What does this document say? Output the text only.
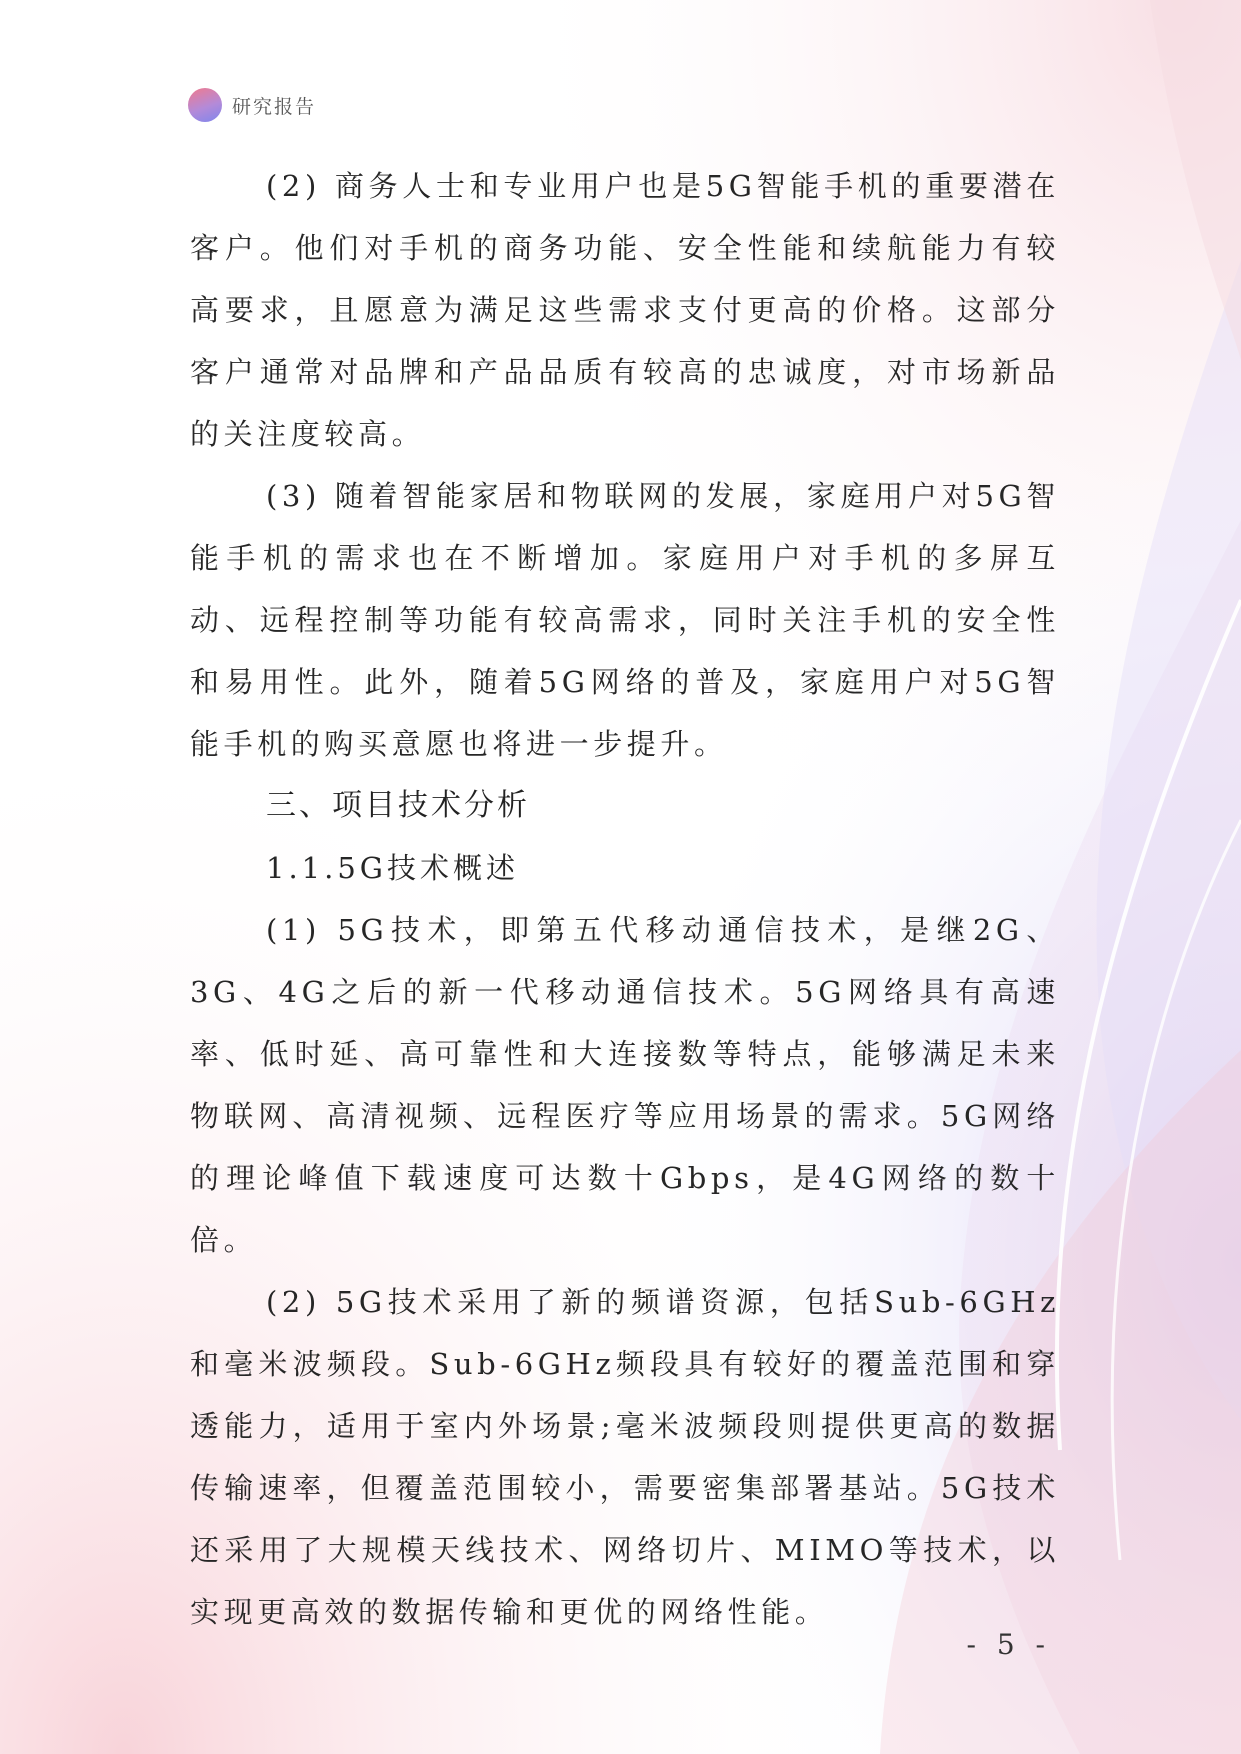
研究报告

(2) 商务人士和专业用户也是5G智能手机的重要潜在客户。他们对手机的商务功能、安全性能和续航能力有较高要求，且愿意为满足这些需求支付更高的价格。这部分客户通常对品牌和产品品质有较高的忠诚度，对市场新品的关注度较高。

(3) 随着智能家居和物联网的发展，家庭用户对5G智能手机的需求也在不断增加。家庭用户对手机的多屏互动、远程控制等功能有较高需求，同时关注手机的安全性和易用性。此外，随着5G网络的普及，家庭用户对5G智能手机的购买意愿也将进一步提升。

三、项目技术分析

1.1.5G技术概述

(1) 5G技术，即第五代移动通信技术，是继2G、3G、4G之后的新一代移动通信技术。5G网络具有高速率、低时延、高可靠性和大连接数等特点，能够满足未来物联网、高清视频、远程医疗等应用场景的需求。5G网络的理论峰值下载速度可达数十Gbps，是4G网络的数十倍。

(2) 5G技术采用了新的频谱资源，包括Sub-6GHz和毫米波频段。Sub-6GHz频段具有较好的覆盖范围和穿透能力，适用于室内外场景;毫米波频段则提供更高的数据传输速率，但覆盖范围较小，需要密集部署基站。5G技术还采用了大规模天线技术、网络切片、MIMO等技术，以实现更高效的数据传输和更优的网络性能。

- 5 -
